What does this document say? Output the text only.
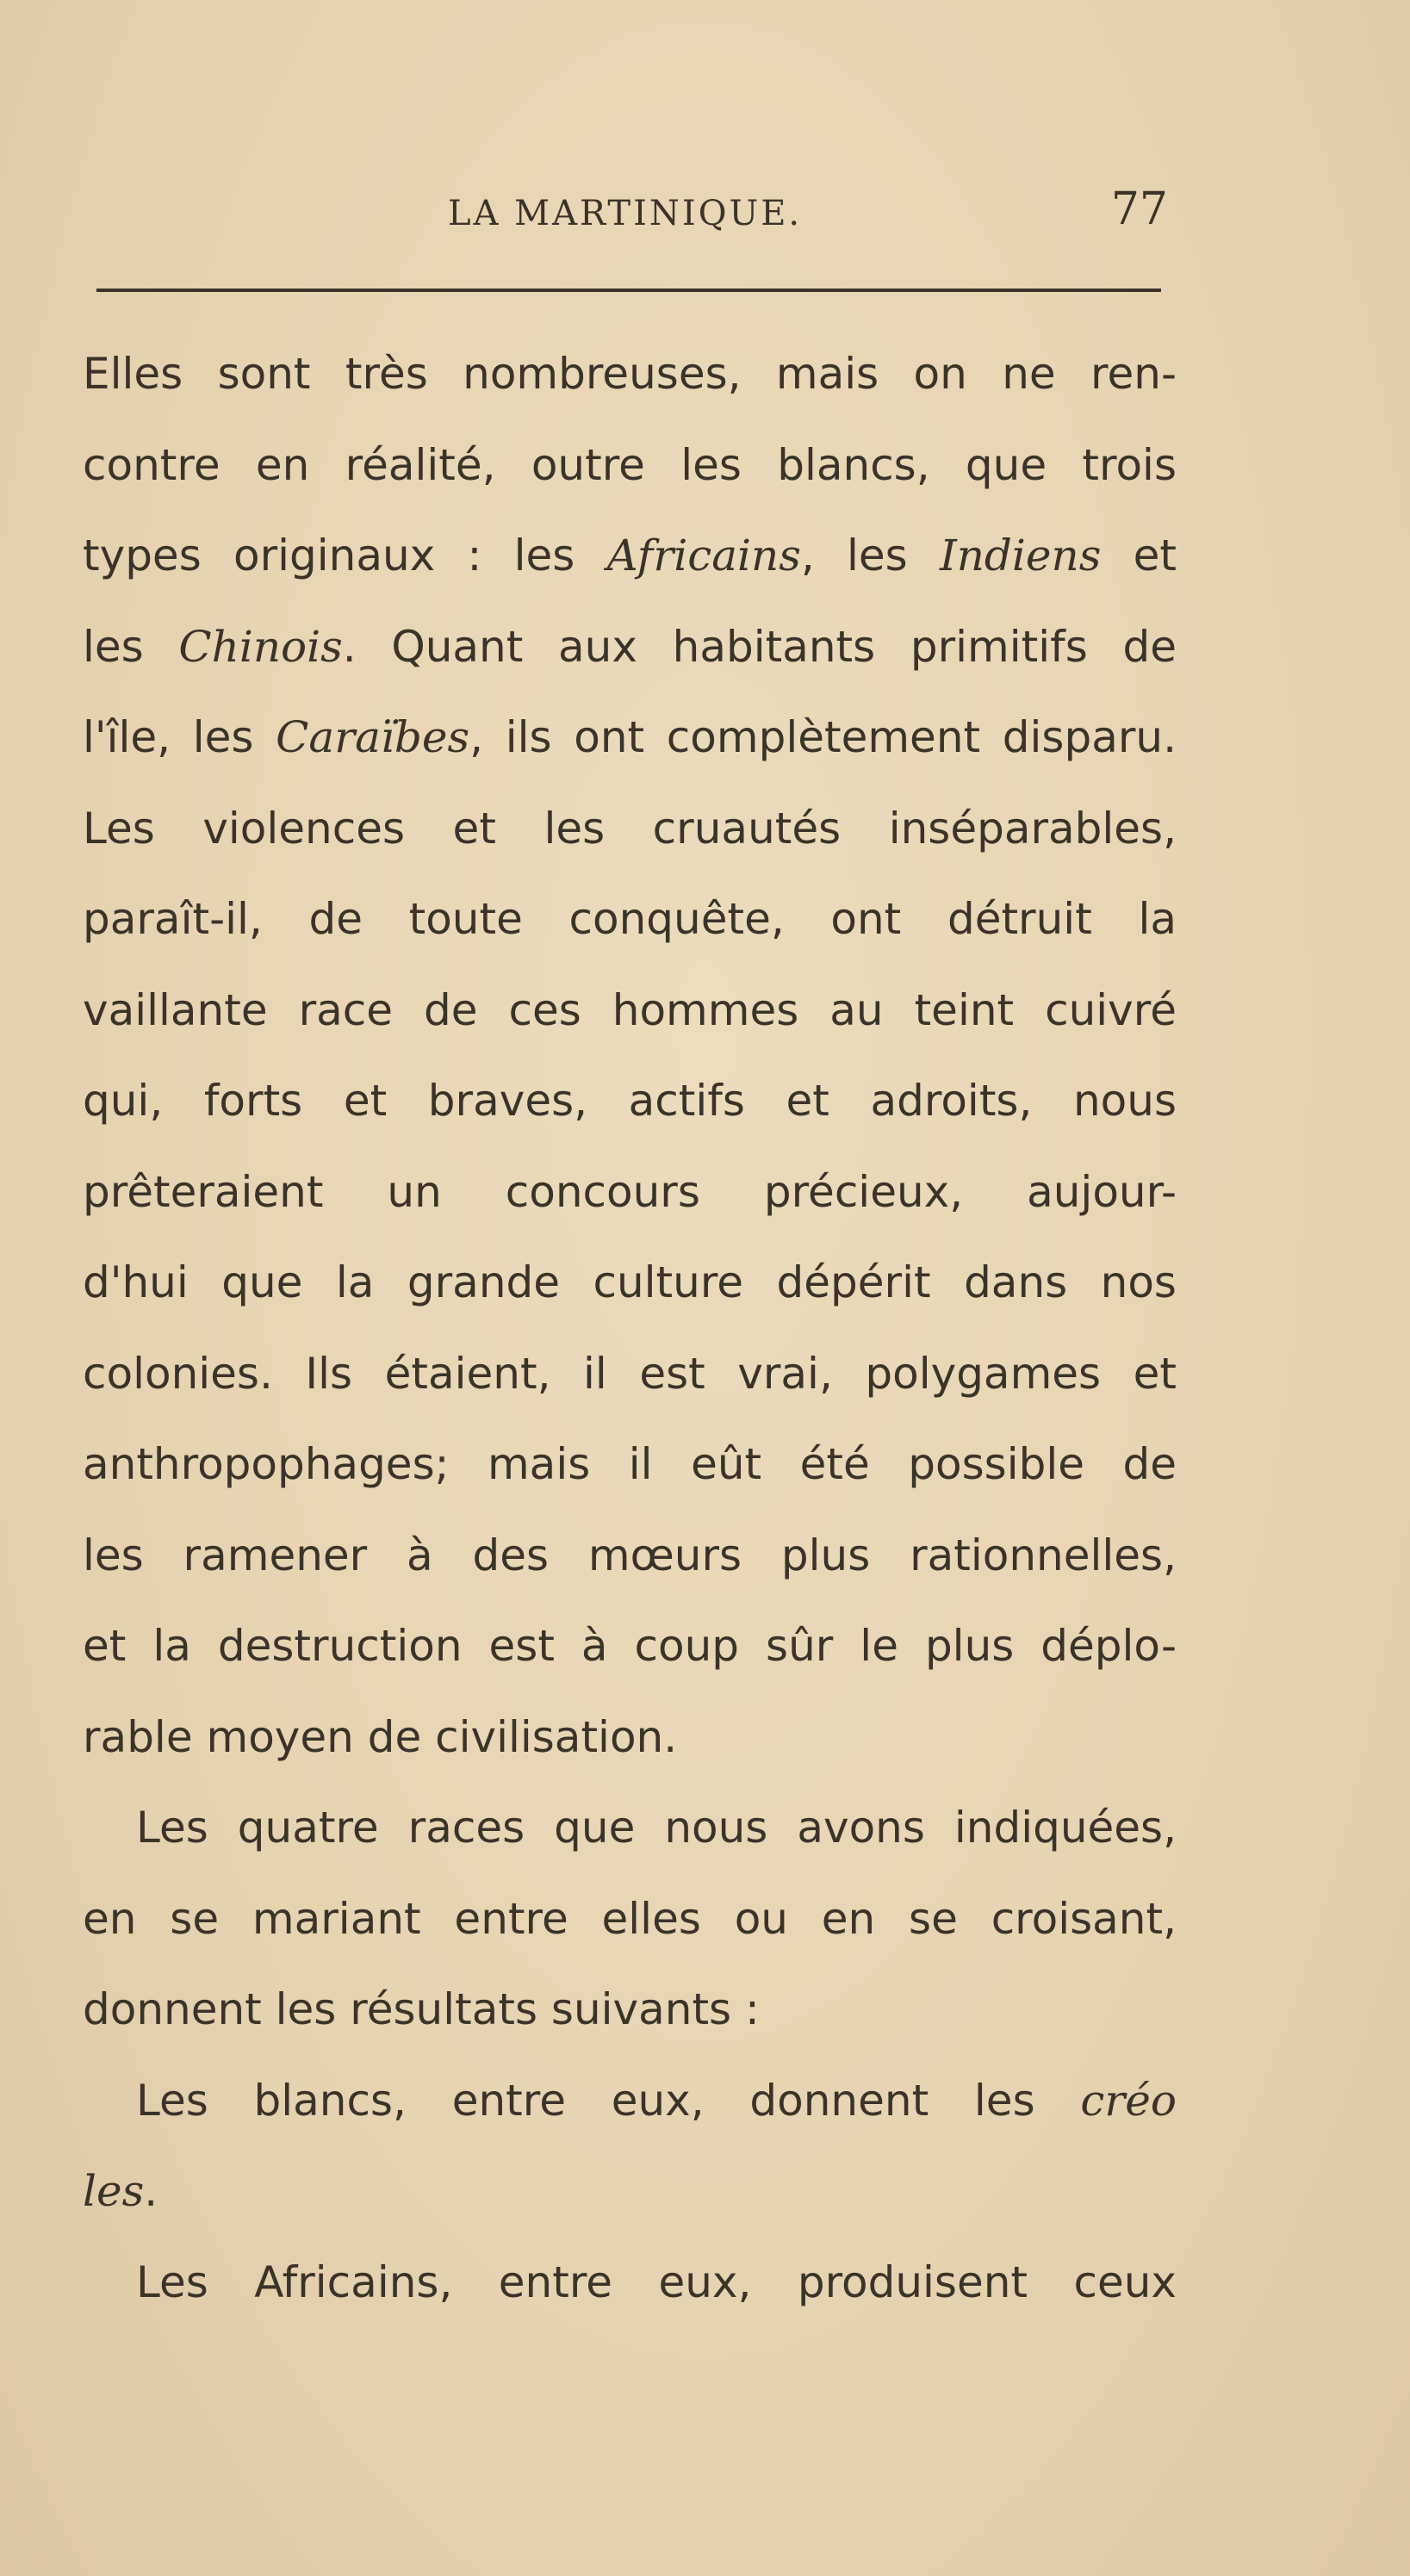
LA MARTINIQUE.	77
Elles sont très nombreuses, mais on ne ren-
contre en réalité, outre les blancs, que trois
types originaux : les Africains, les Indiens et
les Chinois. Quant aux habitants primitifs de
l'île, les Caraïbes, ils ont complètement disparu.
Les violences et les cruautés inséparables,
paraît-il, de toute conquête, ont détruit la
vaillante race de ces hommes au teint cuivré
qui, forts et braves, actifs et adroits, nous
prêteraient un concours précieux, aujour-
d'hui que la grande culture dépérit dans nos
colonies. Ils étaient, il est vrai, polygames et
anthropophages; mais il eût été possible de
les ramener à des mœurs plus rationnelles,
et la destruction est à coup sûr le plus déplo-
rable moyen de civilisation.
Les quatre races que nous avons indiquées,
en se mariant entre elles ou en se croisant,
donnent les résultats suivants :
Les blancs, entre eux, donnent les créo
les.
Les Africains, entre eux, produisent ceux
